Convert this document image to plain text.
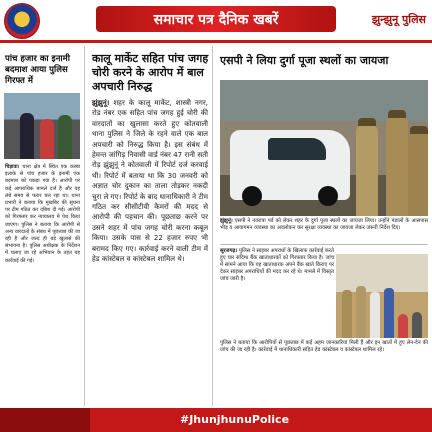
समाचार पत्र दैनिक खबरें	झुन्झुनू पुलिस
पांच हजार का इनामी बदमाश आया पुलिस गिरफ्त में
चिड़ावा। थाना क्षेत्र में स्थित एक कस्बा इलाके से पांच हजार के इनामी एक बदमाश को पकड़ा गया है। आरोपी पर कई आपराधिक मामले दर्ज हैं और वह लंबे समय से फरार चल रहा था। थाना प्रभारी ने बताया कि मुखबिर की सूचना पर टीम गठित कर दबिश दी गई। आरोपी को गिरफ्तार कर न्यायालय में पेश किया जाएगा। पुलिस ने बताया कि आरोपी से अन्य वारदातों के संबंध में पूछताछ की जा रही है और जल्द ही बड़े खुलासे की संभावना है। पुलिस अधीक्षक के निर्देशन में चलाए जा रहे अभियान के तहत यह कार्रवाई की गई।
कालू मार्केट सहित पांच जगह चोरी करने के आरोप में बाल अपचारी निरुद्ध
झुंझुनूं। शहर के कालू मार्केट, शास्त्री नगर, रोड नंबर एक सहित पांच जगह हुई चोरी की वारदातों का खुलासा करते हुए कोतवाली थाना पुलिस ने जिले के रहने वाले एक बाल अपचारी को निरुद्ध किया है। इस संबंध में हेमन्त जांगिड़ निवासी वार्ड नंबर 47 रानी सती रोड़ झुंझुनूं ने कोतवाली में रिपोर्ट दर्ज करवाई थी। रिपोर्ट में बताया था कि 30 जनवरी को अज्ञात चोर दुकान का ताला तोड़कर नकदी चुरा ले गए। रिपोर्ट के बाद थानाधिकारी ने टीम गठित कर सीसीटीवी कैमरों की मदद से आरोपी की पहचान की। पूछताछ करने पर उसने शहर में पांच जगह चोरी करना कबूल किया। उसके पास से 22 हजार रुपए भी बरामद किए गए। कार्रवाई करने वाली टीम में हेड कांस्टेबल व कांस्टेबल शामिल थे।
एसपी ने लिया दुर्गा पूजा स्थलों का जायजा
झुंझुनूं। एसपी ने नवरात्रा पर्व को लेकर शहर के दुर्गा पूजा स्थलों का जायजा लिया। उन्होंने पंडालों के आसपास भीड़ व आवागमन व्यवस्था का अवलोकन कर सुरक्षा व्यवस्था का जायजा लेकर जरूरी निर्देश दिए।
सूरजगढ़। पुलिस ने साइबर अपराधों के खिलाफ कार्रवाई करते हुए चार संदिग्ध बैंक खाताधारकों को गिरफ्तार किया है। जांच में सामने आया कि यह खाताधारक अपने बैंक खाते किराए पर देकर साइबर अपराधियों की मदद कर रहे थे। मामले में विस्तृत जांच जारी है।
पुलिस ने बताया कि आरोपियों से पूछताछ में कई अहम जानकारियां मिली हैं और इन खातों में हुए लेन-देन की जांच की जा रही है। कार्रवाई में थानाधिकारी सहित हेड कांस्टेबल व कांस्टेबल शामिल रहे।
#JhunjhunuPolice
